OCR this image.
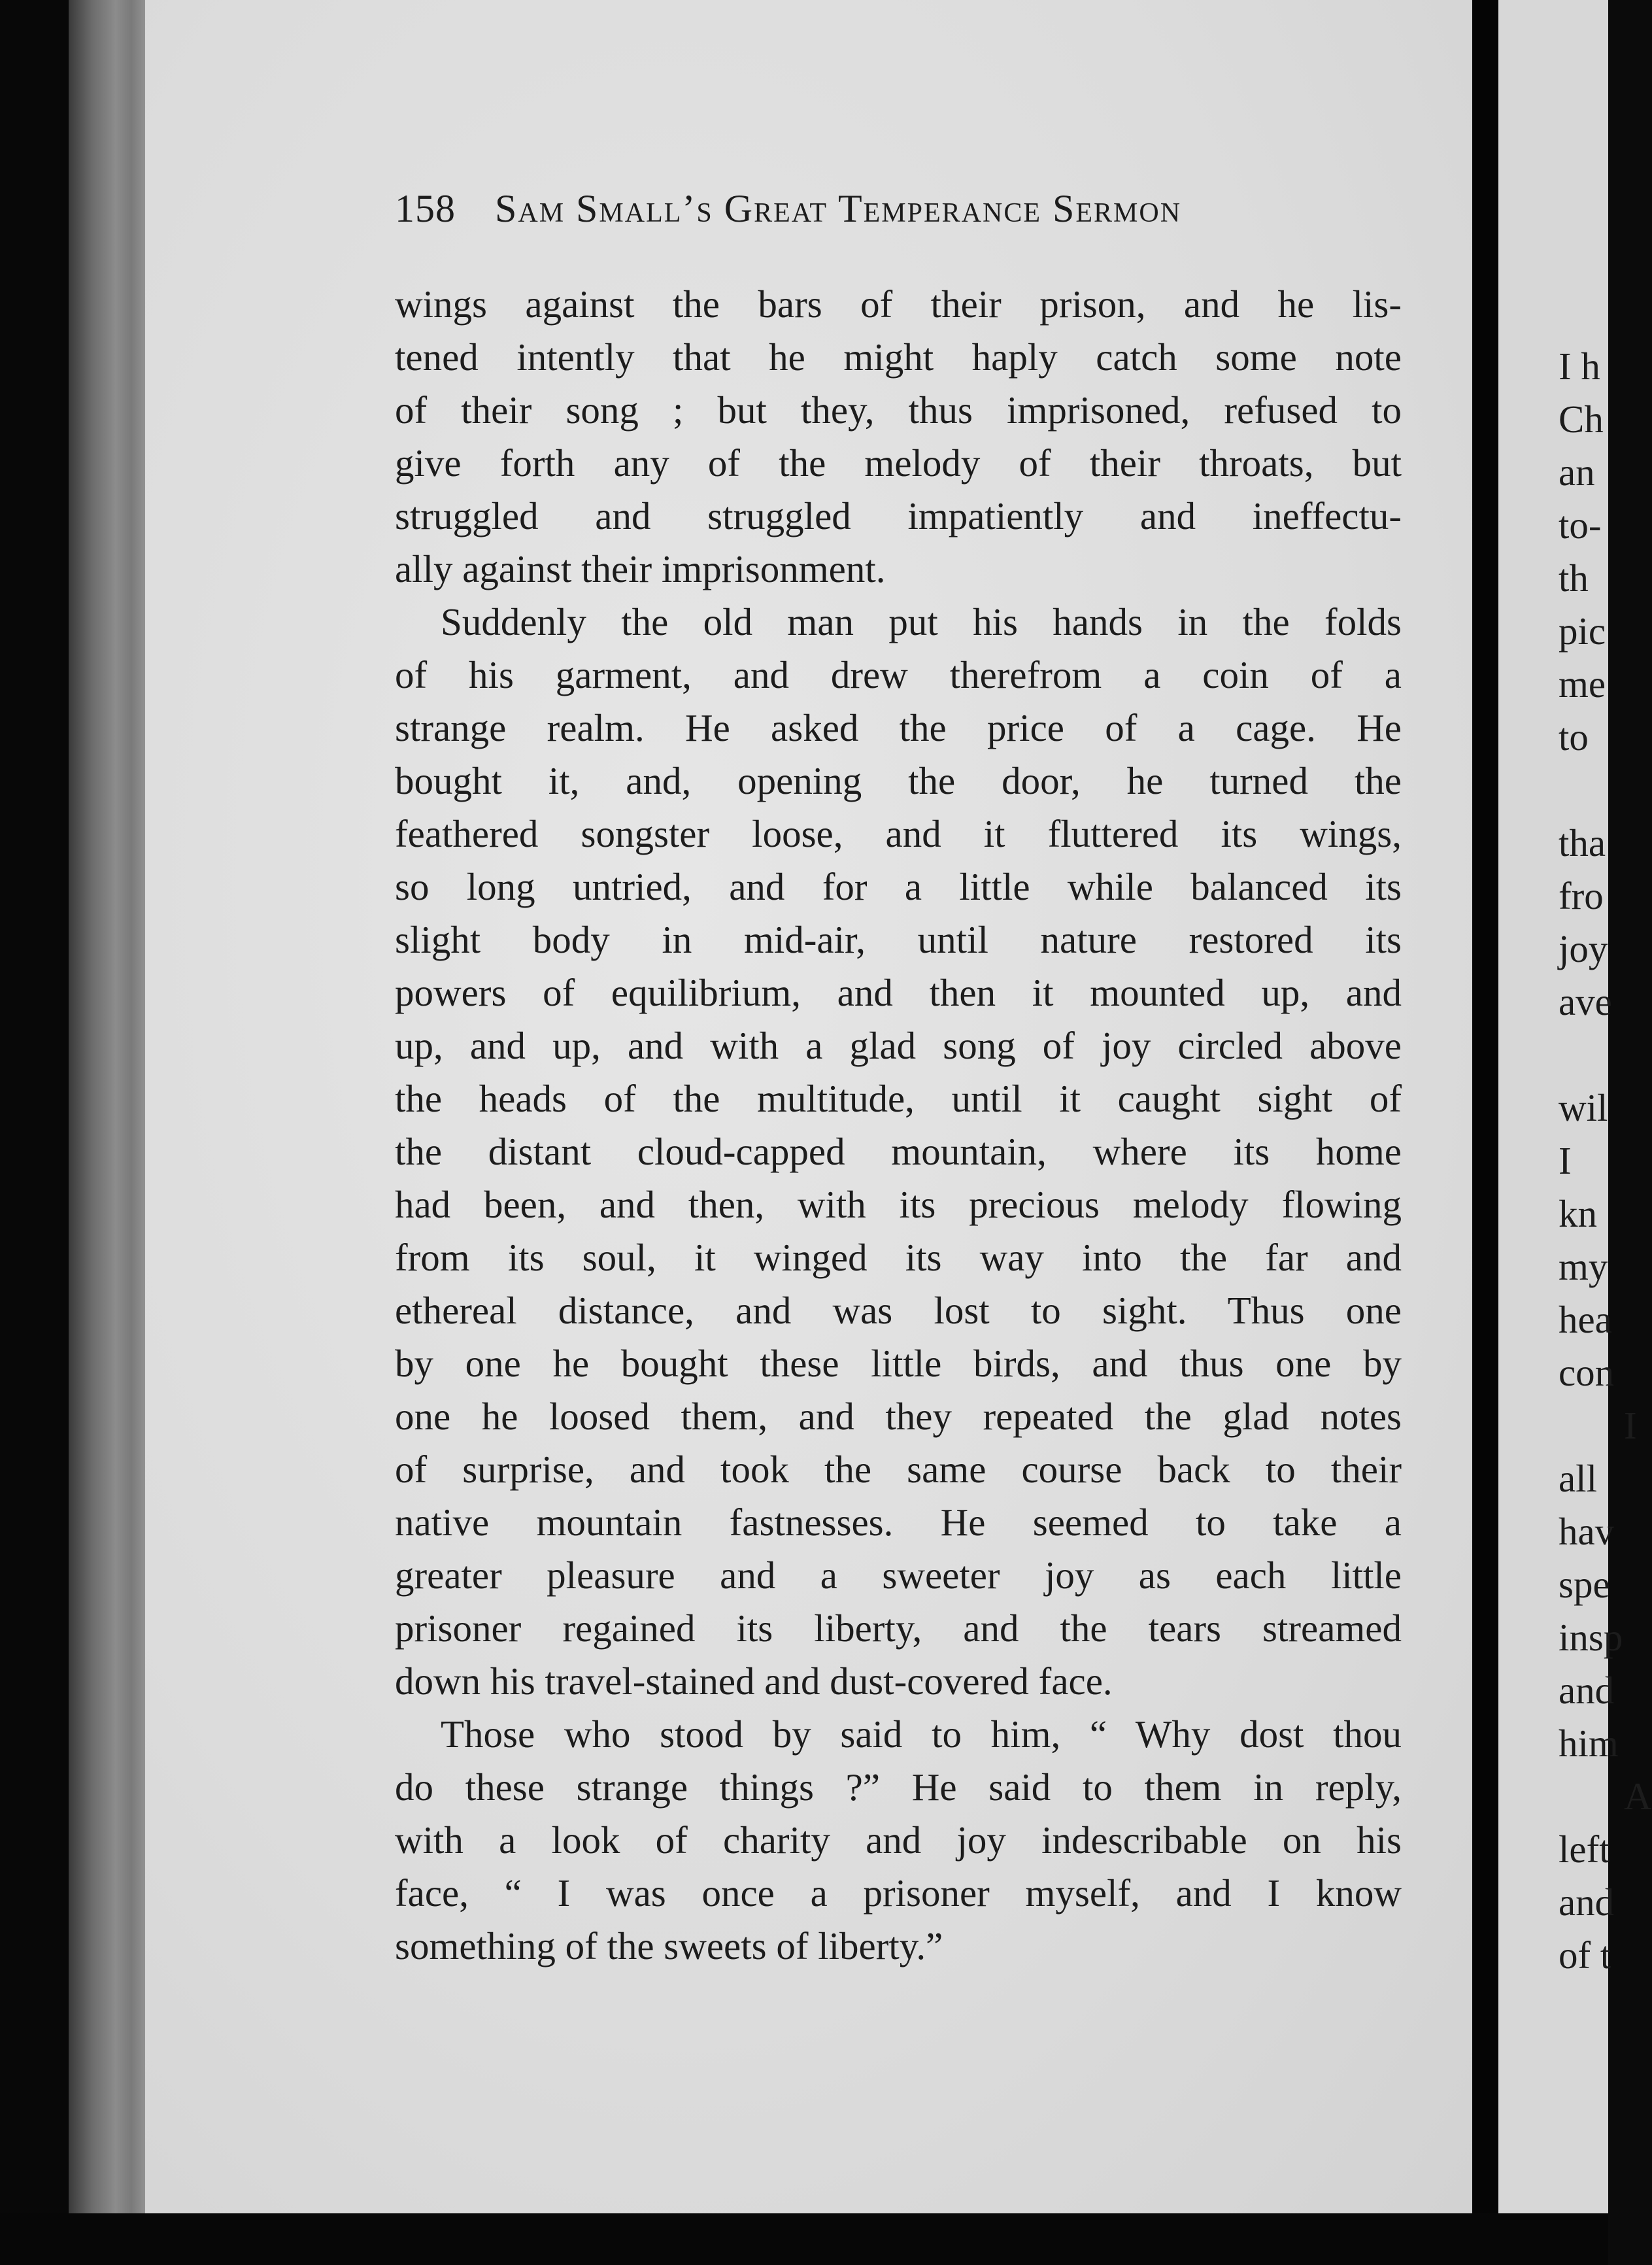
158 Sam Small’s Great Temperance Sermon
wings against the bars of their prison, and he lis-
tened intently that he might haply catch some note
of their song ; but they, thus imprisoned, refused to
give forth any of the melody of their throats, but
struggled and struggled impatiently and ineffectu-
ally against their imprisonment.
Suddenly the old man put his hands in the folds
of his garment, and drew therefrom a coin of a
strange realm. He asked the price of a cage. He
bought it, and, opening the door, he turned the
feathered songster loose, and it fluttered its wings,
so long untried, and for a little while balanced its
slight body in mid-air, until nature restored its
powers of equilibrium, and then it mounted up, and
up, and up, and with a glad song of joy circled above
the heads of the multitude, until it caught sight of
the distant cloud-capped mountain, where its home
had been, and then, with its precious melody flowing
from its soul, it winged its way into the far and
ethereal distance, and was lost to sight. Thus one
by one he bought these little birds, and thus one by
one he loosed them, and they repeated the glad notes
of surprise, and took the same course back to their
native mountain fastnesses. He seemed to take a
greater pleasure and a sweeter joy as each little
prisoner regained its liberty, and the tears streamed
down his travel-stained and dust-covered face.
Those who stood by said to him, “ Why dost thou
do these strange things ?” He said to them in reply,
with a look of charity and joy indescribable on his
face, “ I was once a prisoner myself, and I know
something of the sweets of liberty.”
I h
Ch
an
to-
th
pic
me
to
tha
fro
joy
ave
wil
I
kn
my
hea
con
I
all
hav
spe
insp
and
him
A
left
and
of t
